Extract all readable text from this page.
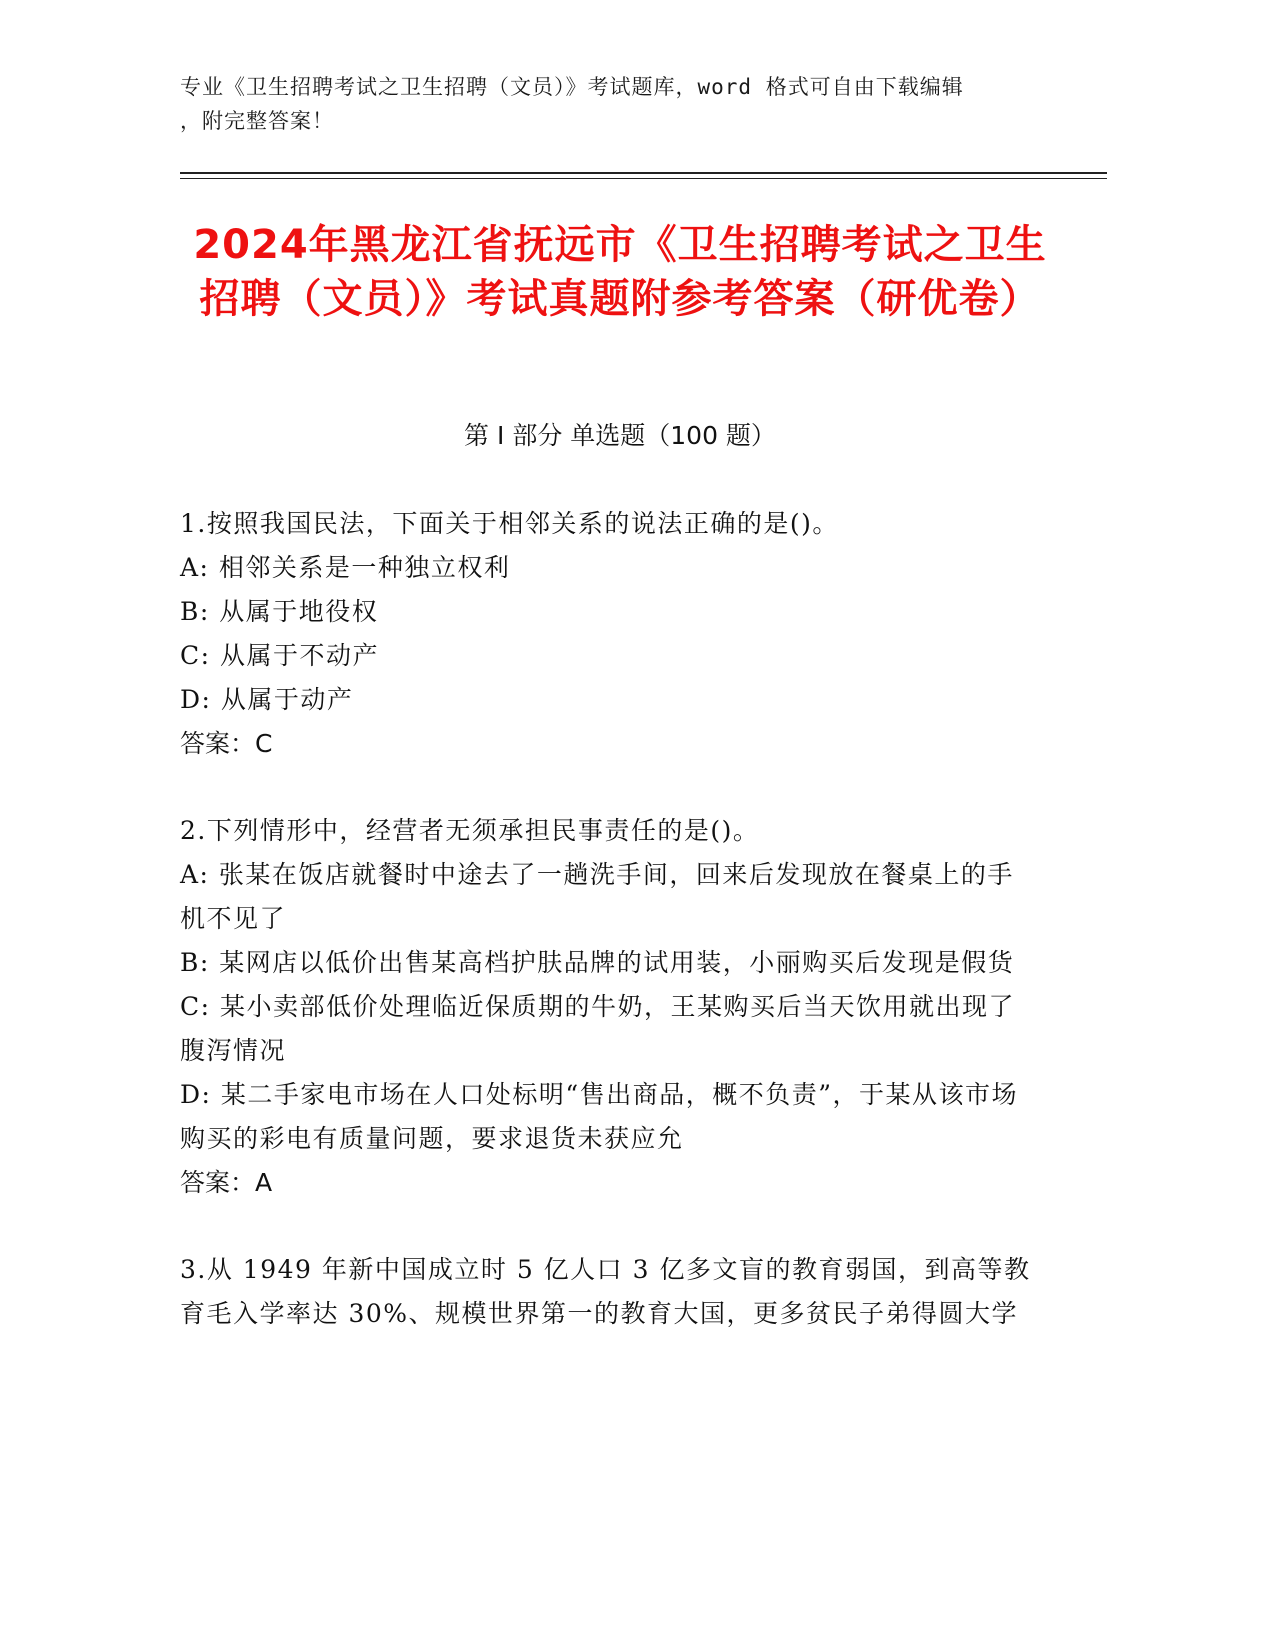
专业《卫生招聘考试之卫生招聘（文员）》考试题库，word 格式可自由下载编辑
，附完整答案！
2024年黑龙江省抚远市《卫生招聘考试之卫生招聘（文员）》考试真题附参考答案（研优卷）
第 I 部分 单选题（100 题）

1.按照我国民法，下面关于相邻关系的说法正确的是()。

A: 相邻关系是一种独立权利

B: 从属于地役权

C: 从属于不动产

D: 从属于动产

答案：C

2.下列情形中，经营者无须承担民事责任的是()。

A: 张某在饭店就餐时中途去了一趟洗手间，回来后发现放在餐桌上的手机不见了

B: 某网店以低价出售某高档护肤品牌的试用装，小丽购买后发现是假货

C: 某小卖部低价处理临近保质期的牛奶，王某购买后当天饮用就出现了腹泻情况

D: 某二手家电市场在人口处标明“售出商品，概不负责”，于某从该市场购买的彩电有质量问题，要求退货未获应允

答案：A

3.从 1949 年新中国成立时 5 亿人口 3 亿多文盲的教育弱国，到高等教育毛入学率达 30%、规模世界第一的教育大国，更多贫民子弟得圆大学
